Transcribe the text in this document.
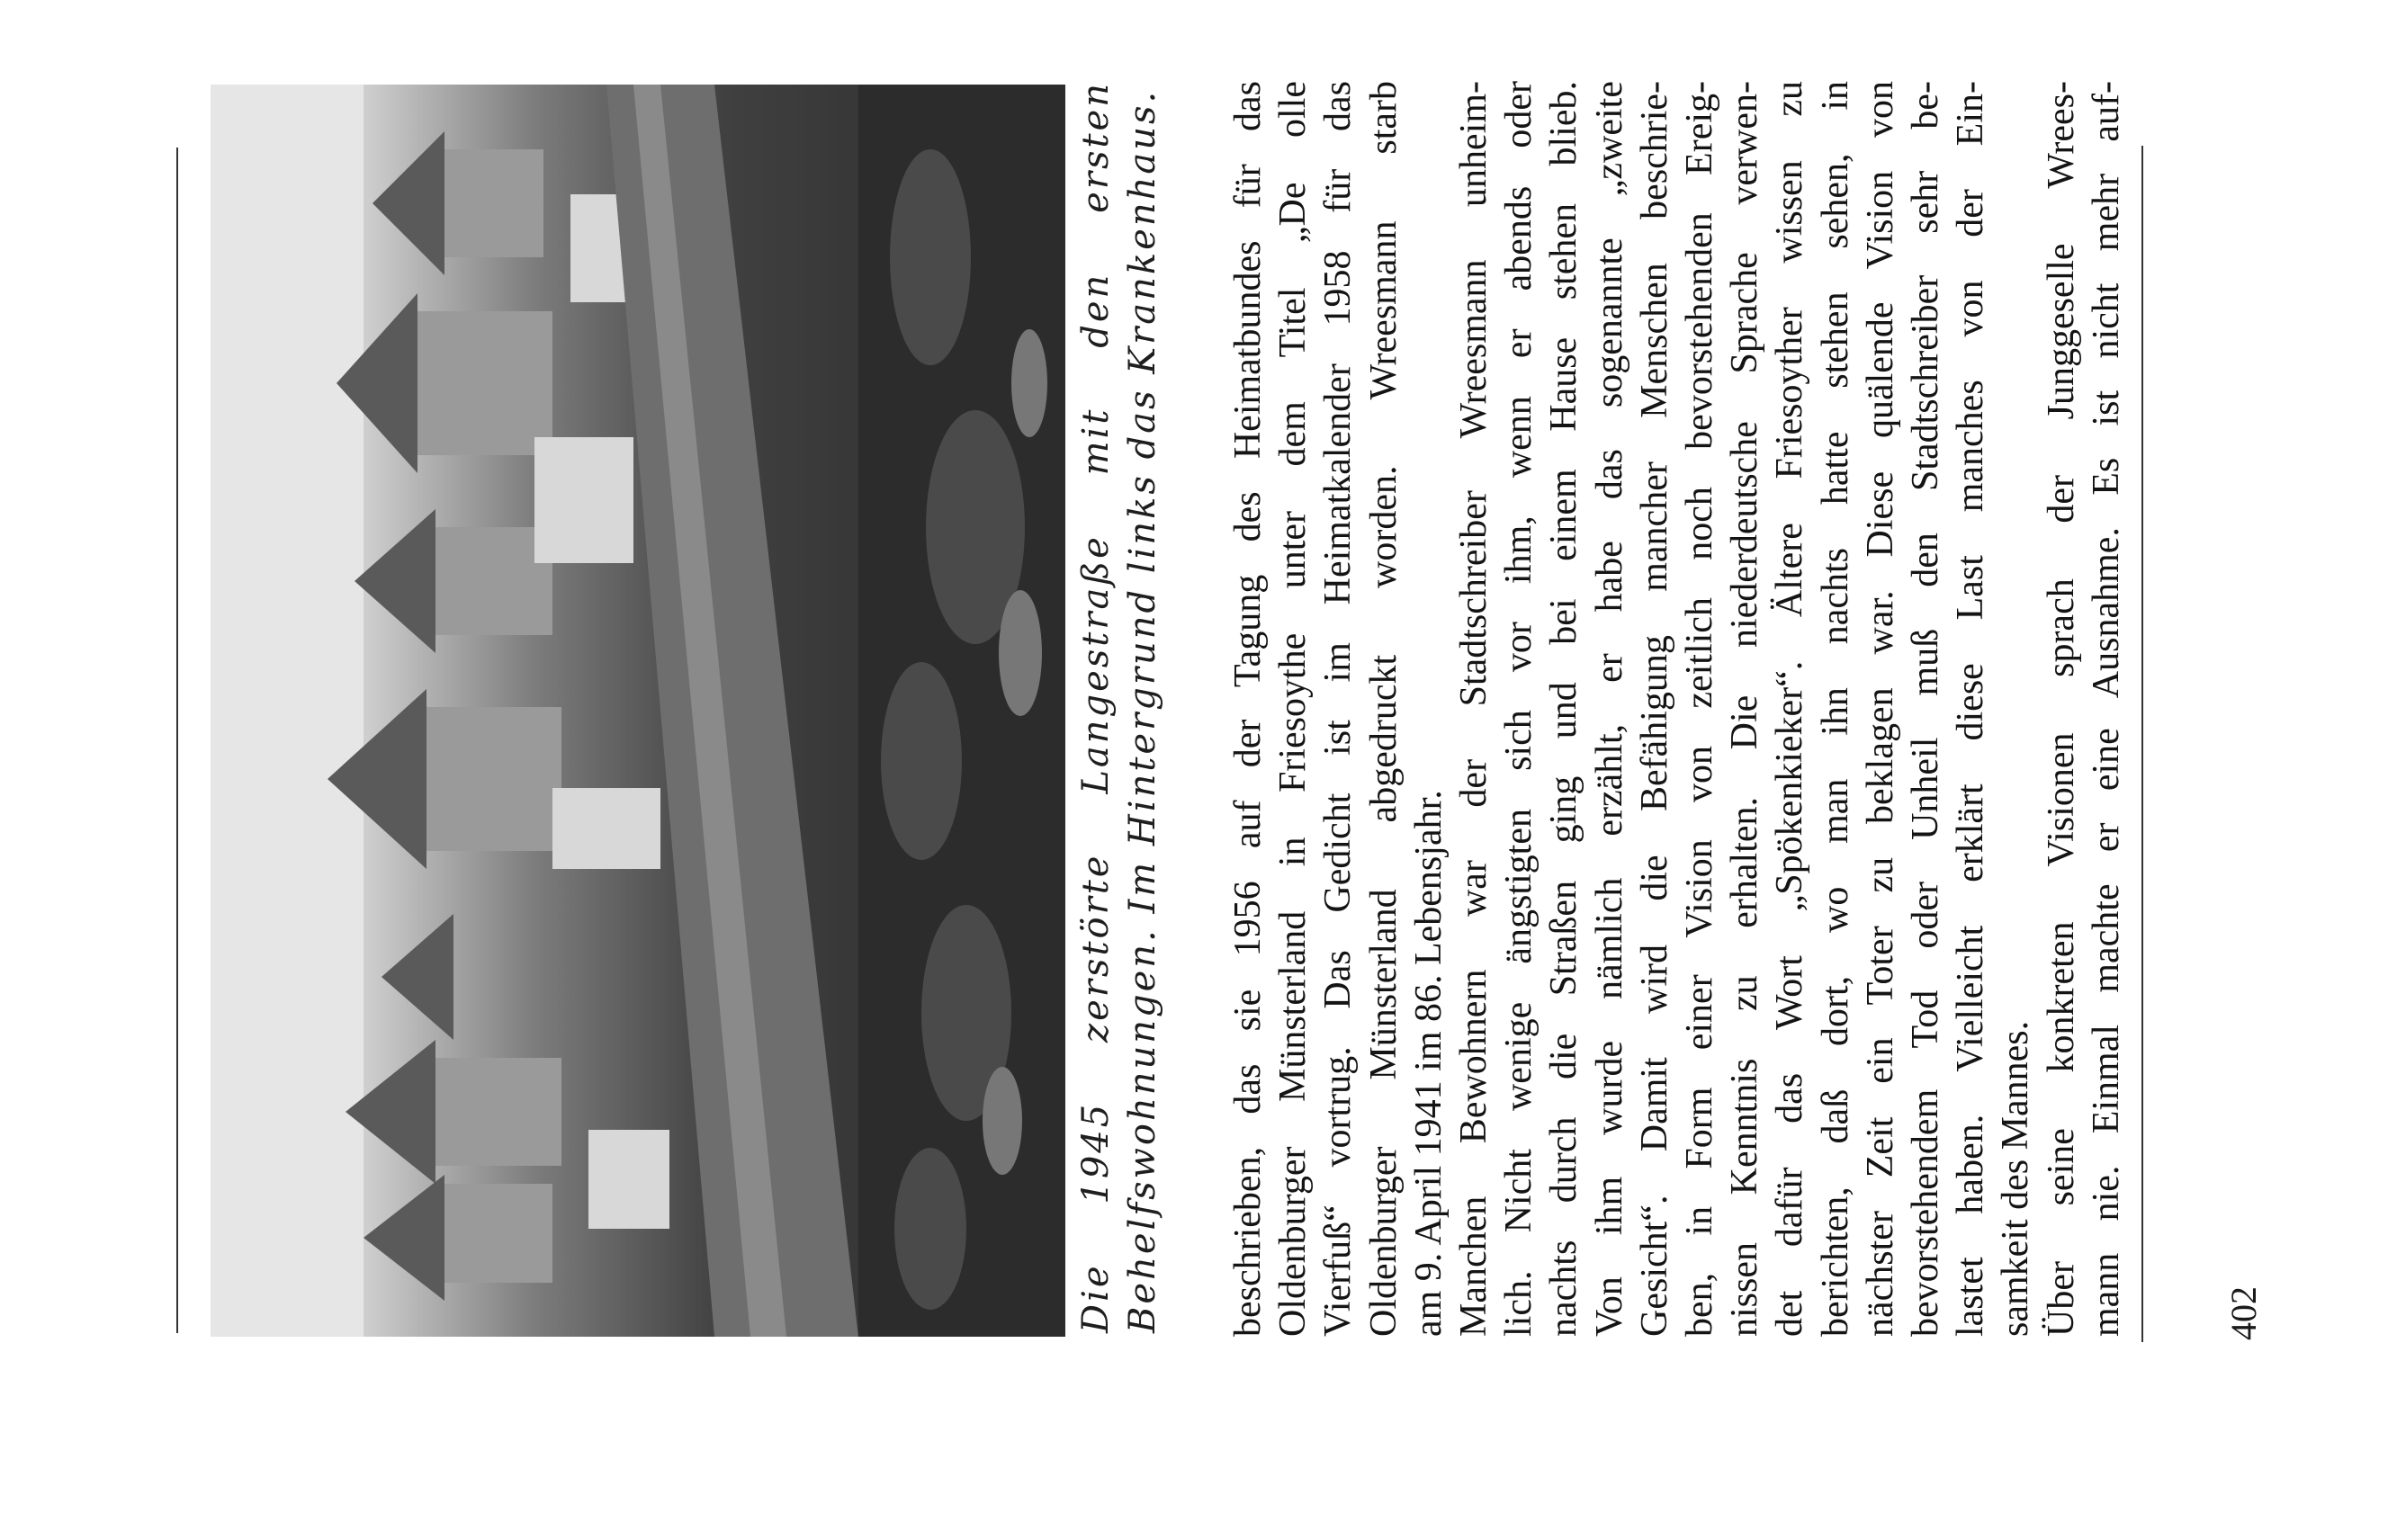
Die 1945 zerstörte Langestraße mit den ersten Behelfswohnungen. Im Hintergrund links das Krankenhaus. beschrieben, das sie 1956 auf der Tagung des Heimatbundes für das Oldenburger Münsterland in Friesoythe unter dem Titel „De olle Vierfuß“ vortrug. Das Gedicht ist im Heimatkalender 1958 für das Oldenburger Münsterland abgedruckt worden. Wreesmann starb am 9. April 1941 im 86. Lebensjahr. Manchen Bewohnern war der Stadtschreiber Wreesmann unheim- lich. Nicht wenige ängstigten sich vor ihm, wenn er abends oder nachts durch die Straßen ging und bei einem Hause stehen blieb. Von ihm wurde nämlich erzählt, er habe das sogenannte „zweite Gesicht“. Damit wird die Befähigung mancher Menschen beschrie- ben, in Form einer Vision von zeitlich noch bevorstehenden Ereig- nissen Kenntnis zu erhalten. Die niederdeutsche Sprache verwen- det dafür das Wort „Spökenkieker“. Ältere Friesoyther wissen zu berichten, daß dort, wo man ihn nachts hatte stehen sehen, in nächster Zeit ein Toter zu beklagen war. Diese quälende Vision von bevorstehendem Tod oder Unheil muß den Stadtschreiber sehr be- lastet haben. Vielleicht erklärt diese Last manches von der Ein- samkeit des Mannes. Über seine konkreten Visionen sprach der Junggeselle Wrees- mann nie. Einmal machte er eine Ausnahme. Es ist nicht mehr auf-	402
